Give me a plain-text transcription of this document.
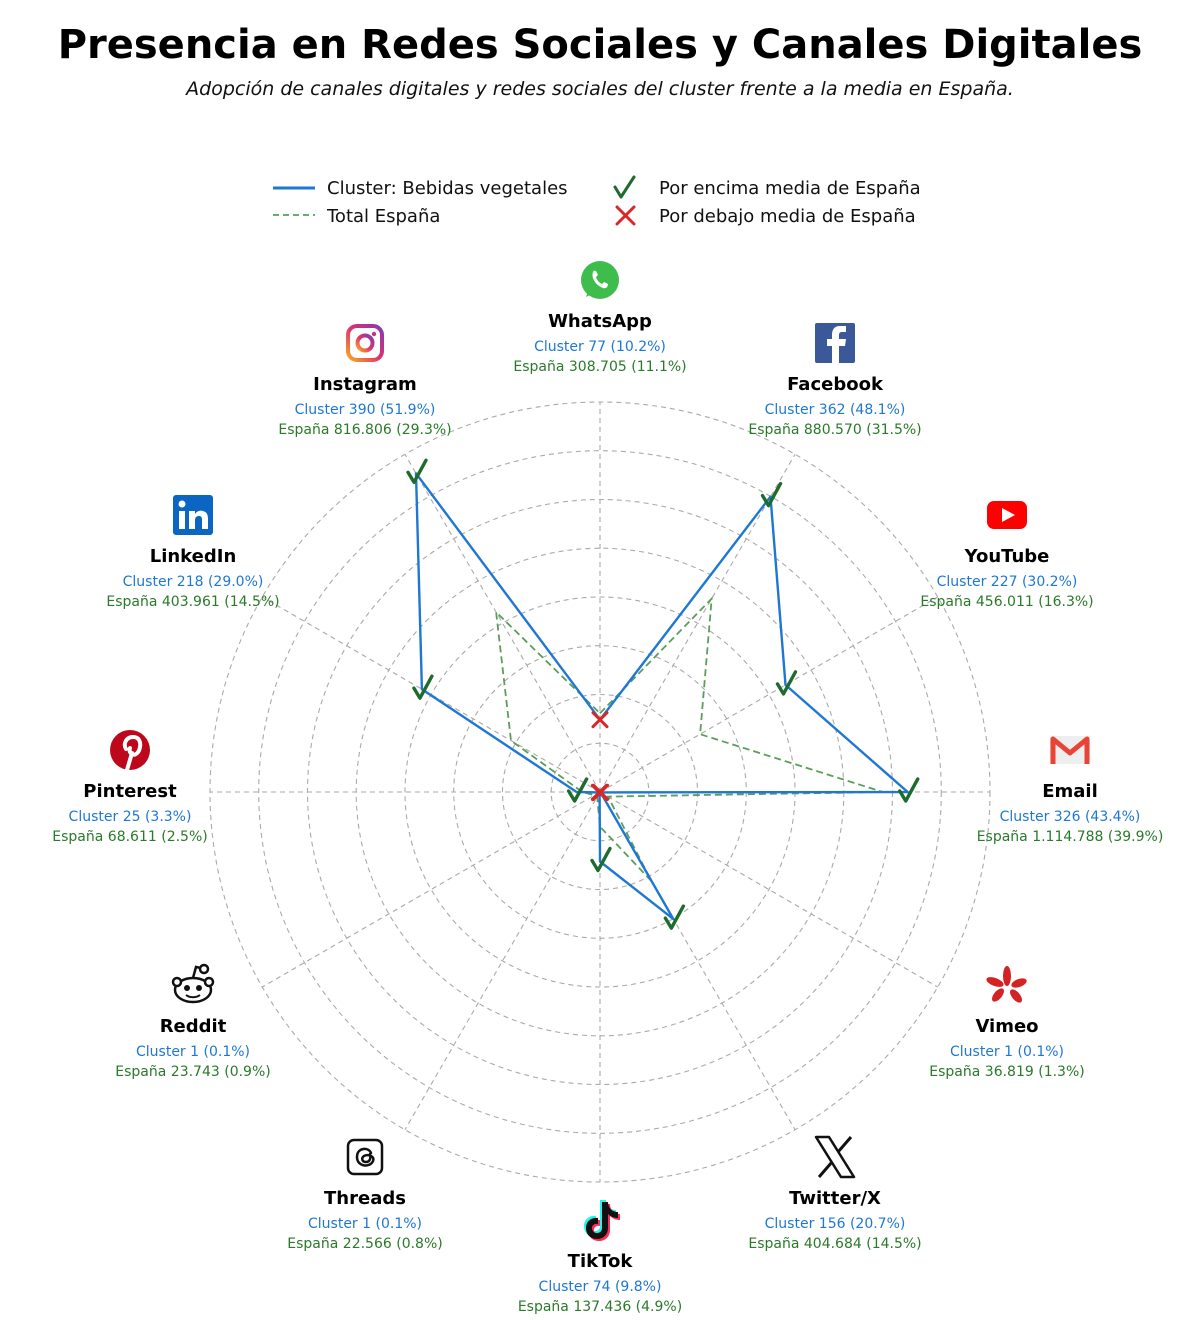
Presencia en Redes Sociales y Canales Digitales
Adopción de canales digitales y redes sociales del cluster frente a la media en España.
Cluster: Bebidas vegetales
Total España
Por encima media de España
Por debajo media de España
WhatsApp
Cluster 77 (10.2%)
España 308.705 (11.1%)
Facebook
Cluster 362 (48.1%)
España 880.570 (31.5%)
YouTube
Cluster 227 (30.2%)
España 456.011 (16.3%)
Email
Cluster 326 (43.4%)
España 1.114.788 (39.9%)
Vimeo
Cluster 1 (0.1%)
España 36.819 (1.3%)
Twitter/X
Cluster 156 (20.7%)
España 404.684 (14.5%)
TikTok
Cluster 74 (9.8%)
España 137.436 (4.9%)
Threads
Cluster 1 (0.1%)
España 22.566 (0.8%)
Reddit
Cluster 1 (0.1%)
España 23.743 (0.9%)
Pinterest
Cluster 25 (3.3%)
España 68.611 (2.5%)
LinkedIn
Cluster 218 (29.0%)
España 403.961 (14.5%)
Instagram
Cluster 390 (51.9%)
España 816.806 (29.3%)
